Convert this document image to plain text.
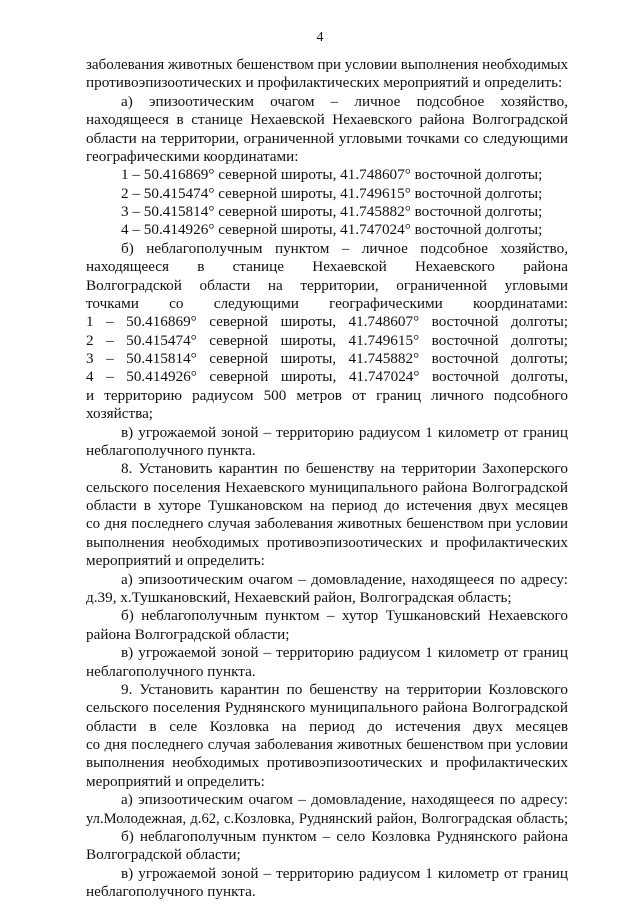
4
заболевания животных бешенством при условии выполнения необходимых
противоэпизоотических и профилактических мероприятий и определить:
а) эпизоотическим очагом – личное подсобное хозяйство,
находящееся в станице Нехаевской Нехаевского района Волгоградской
области на территории, ограниченной угловыми точками со следующими
географическими координатами:
1 – 50.416869° северной широты, 41.748607° восточной долготы;
2 – 50.415474° северной широты, 41.749615° восточной долготы;
3 – 50.415814° северной широты, 41.745882° восточной долготы;
4 – 50.414926° северной широты, 41.747024° восточной долготы;
б) неблагополучным пунктом – личное подсобное хозяйство,
находящееся в станице Нехаевской Нехаевского района
Волгоградской области на территории, ограниченной угловыми
точками со следующими географическими координатами:
1 – 50.416869° северной широты, 41.748607° восточной долготы;
2 – 50.415474° северной широты, 41.749615° восточной долготы;
3 – 50.415814° северной широты, 41.745882° восточной долготы;
4 – 50.414926° северной широты, 41.747024° восточной долготы,
и территорию радиусом 500 метров от границ личного подсобного
хозяйства;
в) угрожаемой зоной – территорию радиусом 1 километр от границ
неблагополучного пункта.
8. Установить карантин по бешенству на территории Захоперского
сельского поселения Нехаевского муниципального района Волгоградской
области в хуторе Тушкановском на период до истечения двух месяцев
со дня последнего случая заболевания животных бешенством при условии
выполнения необходимых противоэпизоотических и профилактических
мероприятий и определить:
а) эпизоотическим очагом – домовладение, находящееся по адресу:
д.39, х.Тушкановский, Нехаевский район, Волгоградская область;
б) неблагополучным пунктом – хутор Тушкановский Нехаевского
района Волгоградской области;
в) угрожаемой зоной – территорию радиусом 1 километр от границ
неблагополучного пункта.
9. Установить карантин по бешенству на территории Козловского
сельского поселения Руднянского муниципального района Волгоградской
области в селе Козловка на период до истечения двух месяцев
со дня последнего случая заболевания животных бешенством при условии
выполнения необходимых противоэпизоотических и профилактических
мероприятий и определить:
а) эпизоотическим очагом – домовладение, находящееся по адресу:
ул.Молодежная, д.62, с.Козловка, Руднянский район, Волгоградская область;
б) неблагополучным пунктом – село Козловка Руднянского района
Волгоградской области;
в) угрожаемой зоной – территорию радиусом 1 километр от границ
неблагополучного пункта.
